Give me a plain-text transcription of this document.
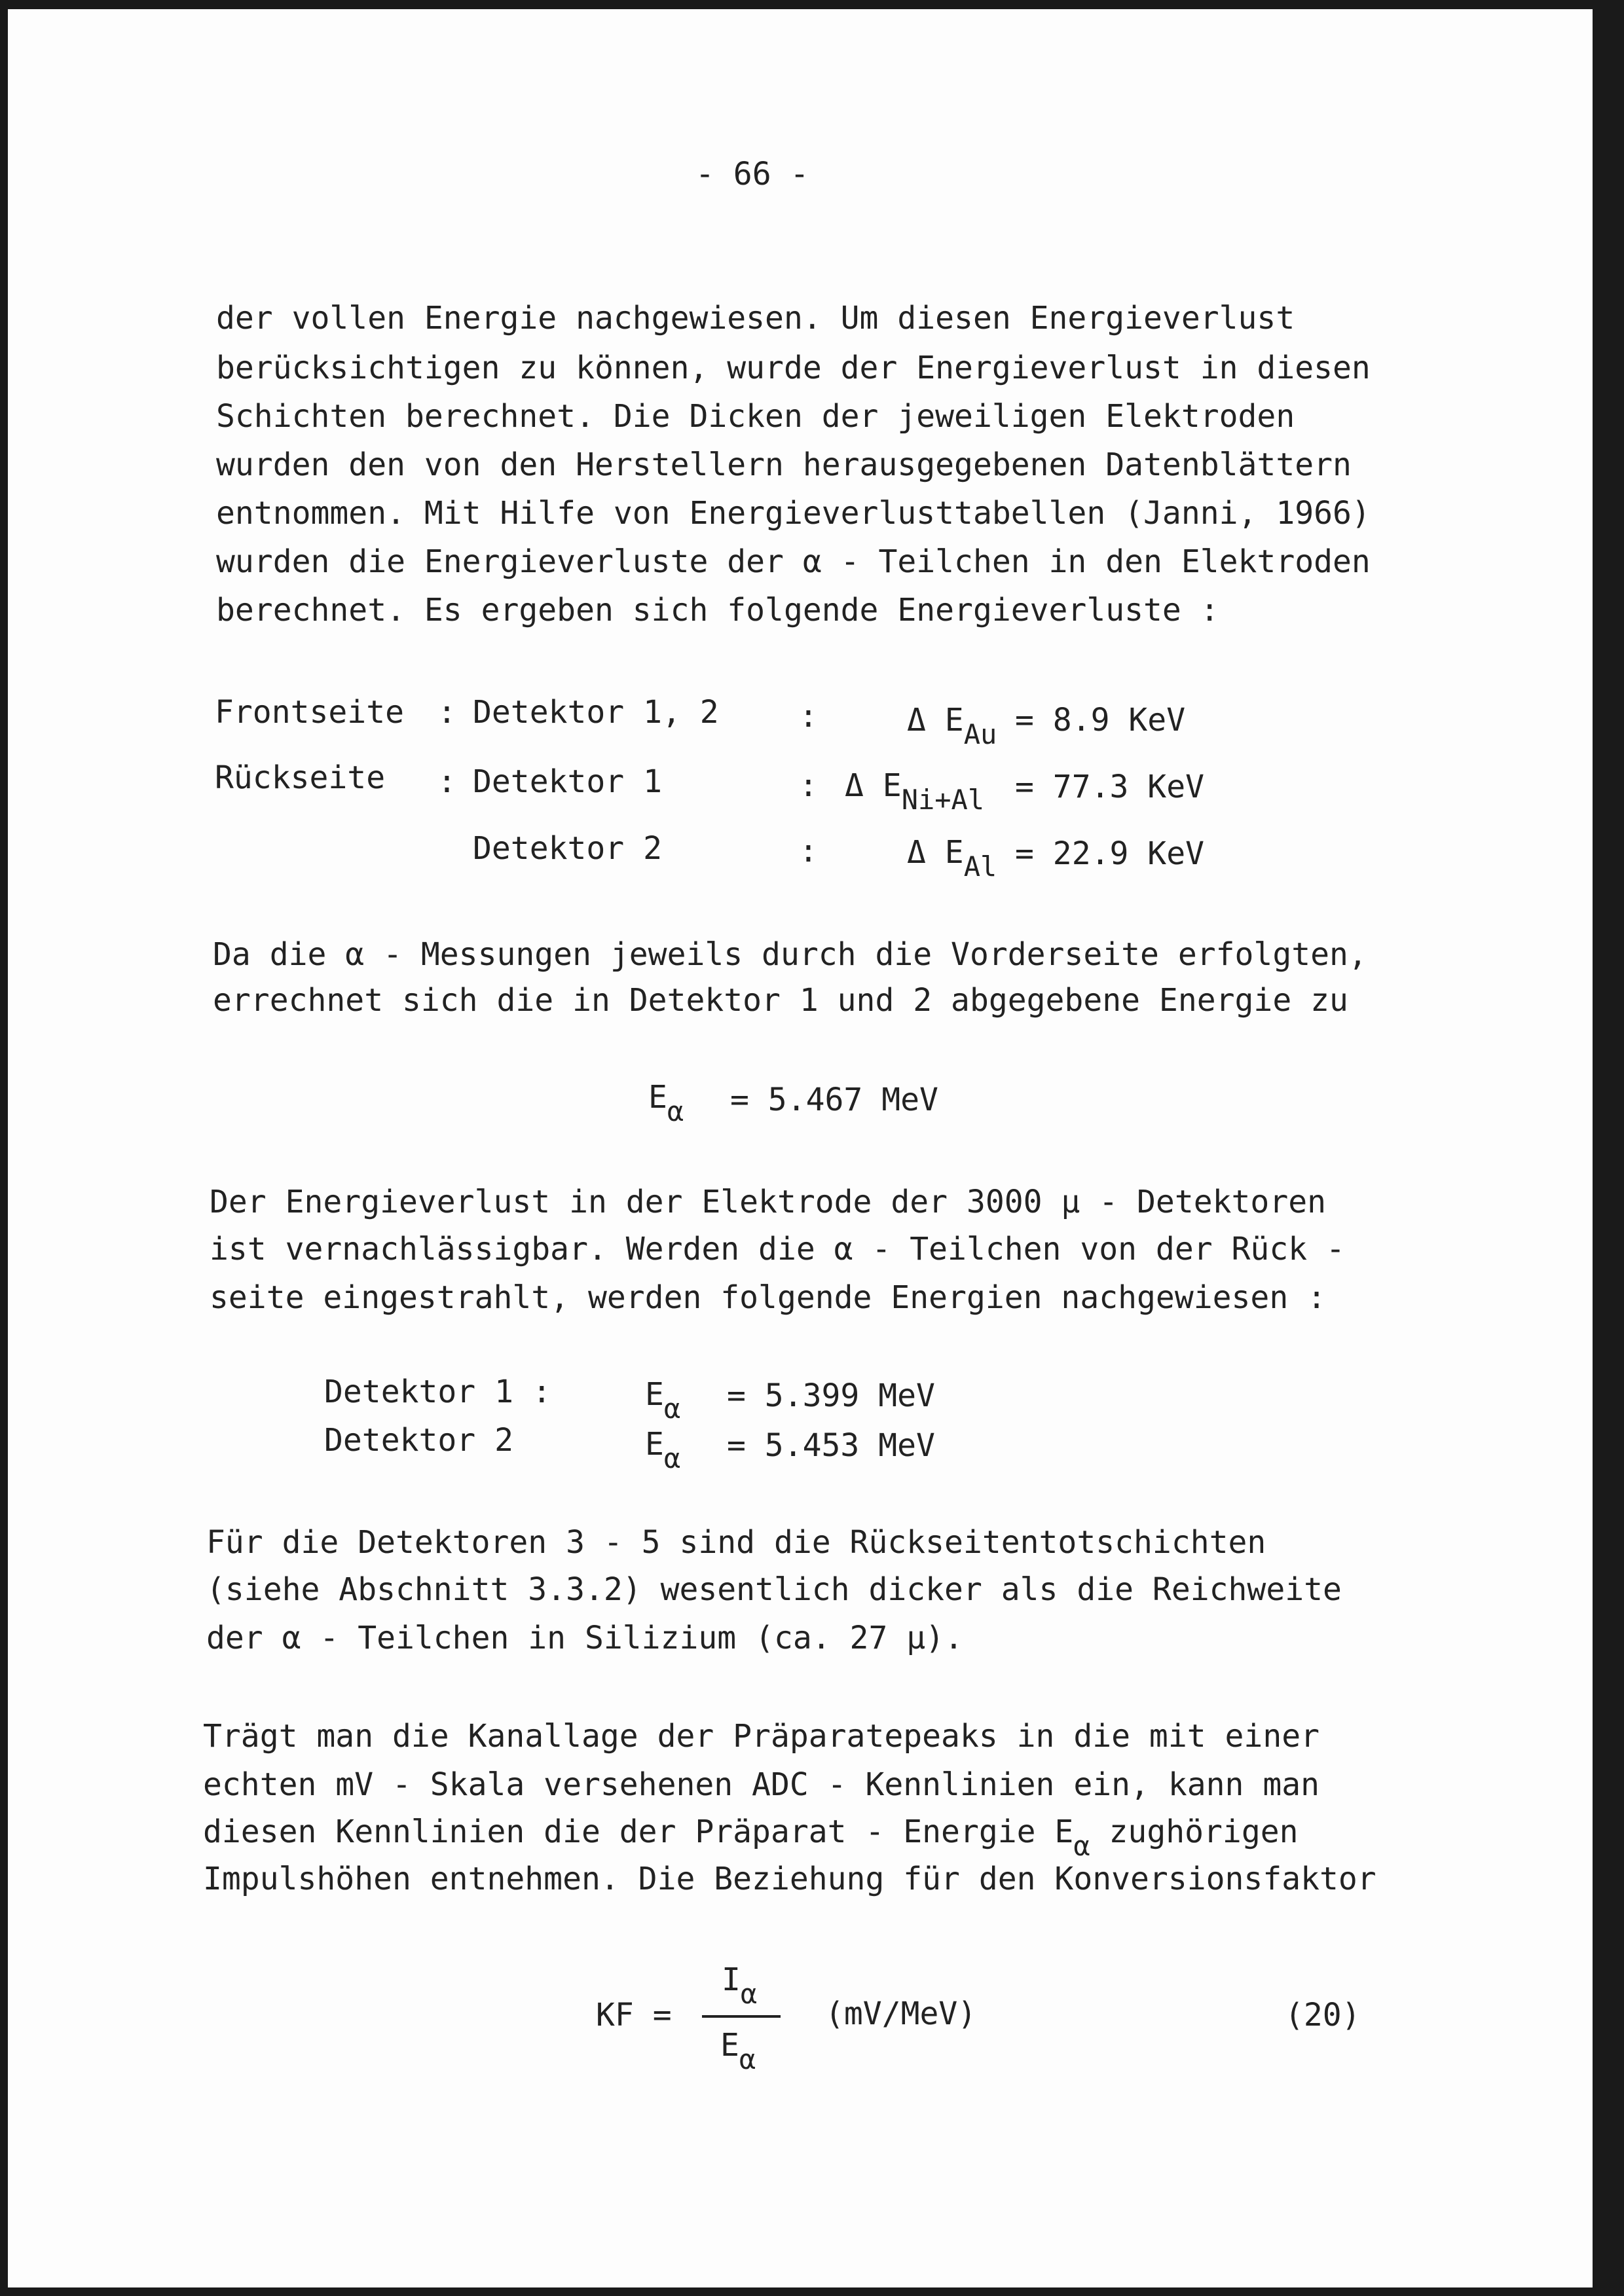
- 66 -
der vollen Energie nachgewiesen. Um diesen Energieverlust
berücksichtigen zu können, wurde der Energieverlust in diesen
Schichten berechnet. Die Dicken der jeweiligen Elektroden
wurden den von den Herstellern herausgegebenen Datenblättern
entnommen. Mit Hilfe von Energieverlusttabellen (Janni, 1966)
wurden die Energieverluste der α - Teilchen in den Elektroden
berechnet. Es ergeben sich folgende Energieverluste :
Frontseite : Detektor 1, 2	:	Δ EAu = 8.9 KeV
Rückseite : Detektor 1	: Δ ENi+Al = 77.3 KeV
Detektor 2	:	Δ EAl = 22.9 KeV
Da die α - Messungen jeweils durch die Vorderseite erfolgten,
errechnet sich die in Detektor 1 und 2 abgegebene Energie zu
Eα = 5.467 MeV
Der Energieverlust in der Elektrode der 3000 μ - Detektoren
ist vernachlässigbar. Werden die α - Teilchen von der Rück -
seite eingestrahlt, werden folgende Energien nachgewiesen :
Detektor 1 :	Eα = 5.399 MeV
Detektor 2	Eα = 5.453 MeV
Für die Detektoren 3 - 5 sind die Rückseitentotschichten
(siehe Abschnitt 3.3.2) wesentlich dicker als die Reichweite
der α - Teilchen in Silizium (ca. 27 μ).
Trägt man die Kanallage der Präparatepeaks in die mit einer
echten mV - Skala versehenen ADC - Kennlinien ein, kann man
diesen Kennlinien die der Präparat - Energie Eα zughörigen
Impulshöhen entnehmen. Die Beziehung für den Konversionsfaktor
KF =
Iα
Eα
(mV/MeV)	(20)
